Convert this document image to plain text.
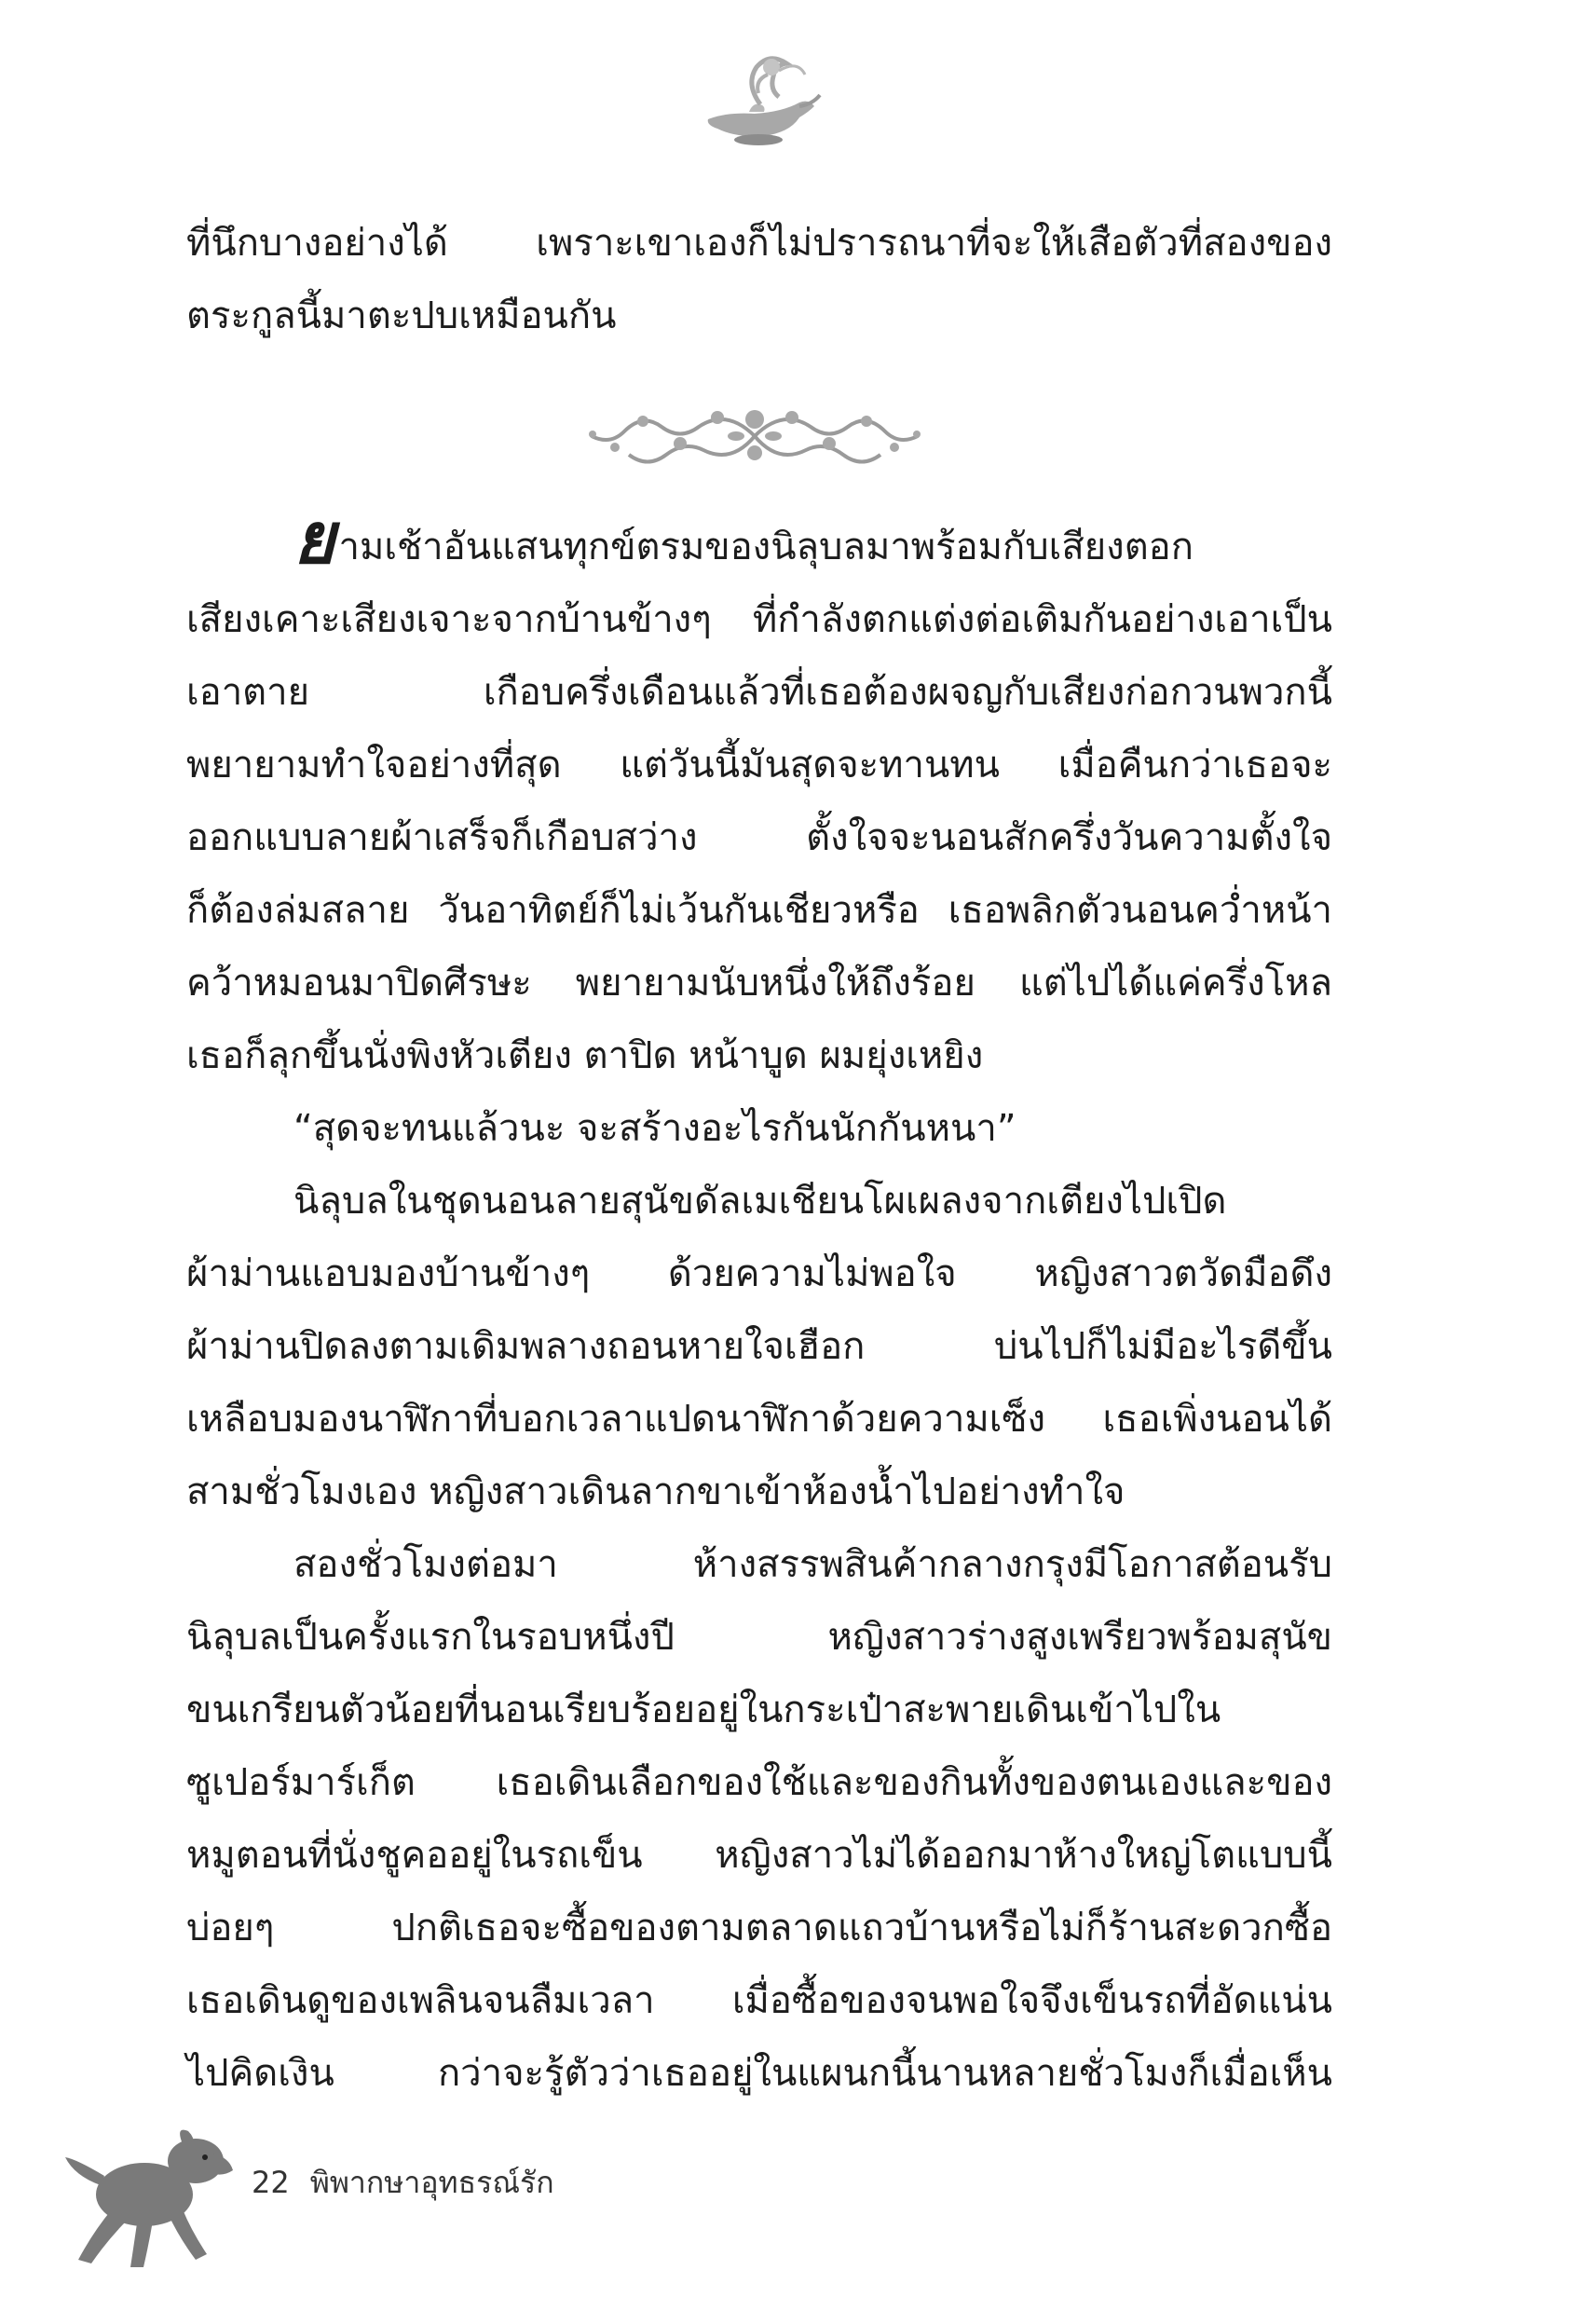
ที่นึกบางอย่างได้ เพราะเขาเองก็ไม่ปรารถนาที่จะให้เสือตัวที่สองของ
ตระกูลนี้มาตะปบเหมือนกัน
ยามเช้าอันแสนทุกข์ตรมของนิลุบลมาพร้อมกับเสียงตอก
เสียงเคาะเสียงเจาะจากบ้านข้างๆ ที่กำลังตกแต่งต่อเติมกันอย่างเอาเป็น
เอาตาย เกือบครึ่งเดือนแล้วที่เธอต้องผจญกับเสียงก่อกวนพวกนี้
พยายามทำใจอย่างที่สุด แต่วันนี้มันสุดจะทานทน เมื่อคืนกว่าเธอจะ
ออกแบบลายผ้าเสร็จก็เกือบสว่าง ตั้งใจจะนอนสักครึ่งวันความตั้งใจ
ก็ต้องล่มสลาย วันอาทิตย์ก็ไม่เว้นกันเชียวหรือ เธอพลิกตัวนอนคว่ำหน้า
คว้าหมอนมาปิดศีรษะ พยายามนับหนึ่งให้ถึงร้อย แต่ไปได้แค่ครึ่งโหล
เธอก็ลุกขึ้นนั่งพิงหัวเตียง ตาปิด หน้าบูด ผมยุ่งเหยิง
“สุดจะทนแล้วนะ จะสร้างอะไรกันนักกันหนา”
นิลุบลในชุดนอนลายสุนัขดัลเมเชียนโผเผลงจากเตียงไปเปิด
ผ้าม่านแอบมองบ้านข้างๆ ด้วยความไม่พอใจ หญิงสาวตวัดมือดึง
ผ้าม่านปิดลงตามเดิมพลางถอนหายใจเฮือก บ่นไปก็ไม่มีอะไรดีขึ้น
เหลือบมองนาฬิกาที่บอกเวลาแปดนาฬิกาด้วยความเซ็ง เธอเพิ่งนอนได้
สามชั่วโมงเอง หญิงสาวเดินลากขาเข้าห้องน้ำไปอย่างทำใจ
สองชั่วโมงต่อมา ห้างสรรพสินค้ากลางกรุงมีโอกาสต้อนรับ
นิลุบลเป็นครั้งแรกในรอบหนึ่งปี หญิงสาวร่างสูงเพรียวพร้อมสุนัข
ขนเกรียนตัวน้อยที่นอนเรียบร้อยอยู่ในกระเป๋าสะพายเดินเข้าไปใน
ซูเปอร์มาร์เก็ต เธอเดินเลือกของใช้และของกินทั้งของตนเองและของ
หมูตอนที่นั่งชูคออยู่ในรถเข็น หญิงสาวไม่ได้ออกมาห้างใหญ่โตแบบนี้
บ่อยๆ ปกติเธอจะซื้อของตามตลาดแถวบ้านหรือไม่ก็ร้านสะดวกซื้อ
เธอเดินดูของเพลินจนลืมเวลา เมื่อซื้อของจนพอใจจึงเข็นรถที่อัดแน่น
ไปคิดเงิน กว่าจะรู้ตัวว่าเธออยู่ในแผนกนี้นานหลายชั่วโมงก็เมื่อเห็น
22 พิพากษาอุทธรณ์รัก
